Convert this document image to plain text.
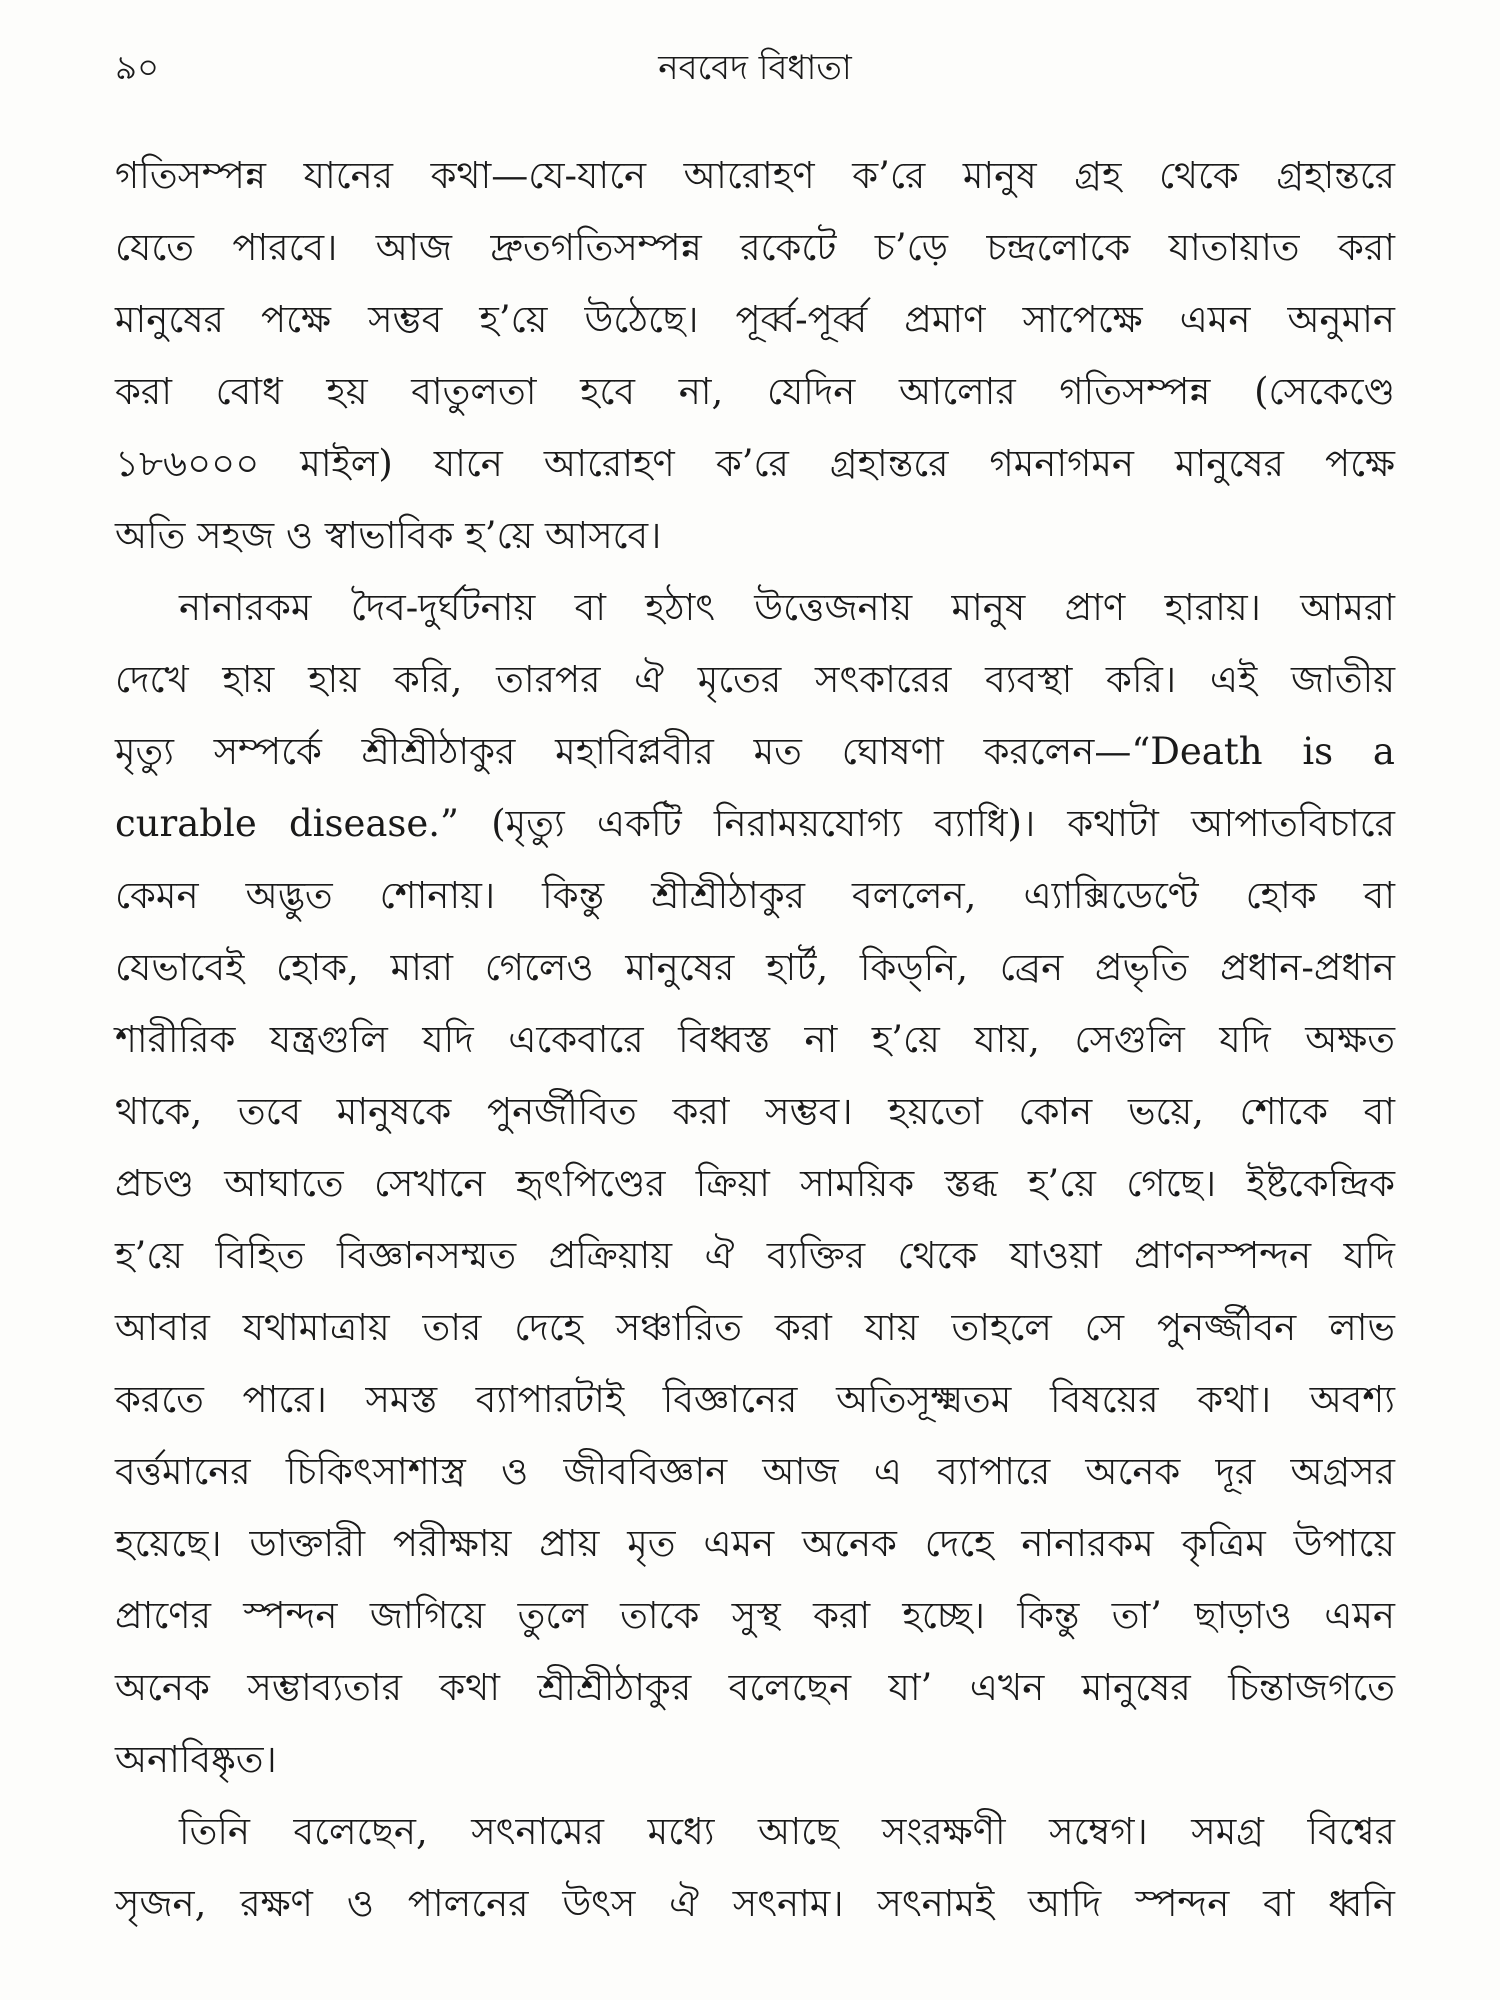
৯০	নববেদ বিধাতা
গতিসম্পন্ন যানের কথা—যে-যানে আরোহণ ক’রে মানুষ গ্রহ থেকে গ্রহান্তরে
যেতে পারবে। আজ দ্রুতগতিসম্পন্ন রকেটে চ’ড়ে চন্দ্রলোকে যাতায়াত করা
মানুষের পক্ষে সম্ভব হ’য়ে উঠেছে। পূর্ব্ব-পূর্ব্ব প্রমাণ সাপেক্ষে এমন অনুমান
করা বোধ হয় বাতুলতা হবে না, যেদিন আলোর গতিসম্পন্ন (সেকেণ্ডে
১৮৬০০০ মাইল) যানে আরোহণ ক’রে গ্রহান্তরে গমনাগমন মানুষের পক্ষে
অতি সহজ ও স্বাভাবিক হ’য়ে আসবে।
নানারকম দৈব-দুর্ঘটনায় বা হঠাৎ উত্তেজনায় মানুষ প্রাণ হারায়। আমরা
দেখে হায় হায় করি, তারপর ঐ মৃতের সৎকারের ব্যবস্থা করি। এই জাতীয়
মৃত্যু সম্পর্কে শ্রীশ্রীঠাকুর মহাবিপ্লবীর মত ঘোষণা করলেন—“Death is a
curable disease.” (মৃত্যু একটি নিরাময়যোগ্য ব্যাধি)। কথাটা আপাতবিচারে
কেমন অদ্ভুত শোনায়। কিন্তু শ্রীশ্রীঠাকুর বললেন, এ্যাক্সিডেণ্টে হোক বা
যেভাবেই হোক, মারা গেলেও মানুষের হার্ট, কিড্‌নি, ব্রেন প্রভৃতি প্রধান-প্রধান
শারীরিক যন্ত্রগুলি যদি একেবারে বিধ্বস্ত না হ’য়ে যায়, সেগুলি যদি অক্ষত
থাকে, তবে মানুষকে পুনর্জীবিত করা সম্ভব। হয়তো কোন ভয়ে, শোকে বা
প্রচণ্ড আঘাতে সেখানে হৃৎপিণ্ডের ক্রিয়া সাময়িক স্তব্ধ হ’য়ে গেছে। ইষ্টকেন্দ্রিক
হ’য়ে বিহিত বিজ্ঞানসম্মত প্রক্রিয়ায় ঐ ব্যক্তির থেকে যাওয়া প্রাণনস্পন্দন যদি
আবার যথামাত্রায় তার দেহে সঞ্চারিত করা যায় তাহলে সে পুনর্জ্জীবন লাভ
করতে পারে। সমস্ত ব্যাপারটাই বিজ্ঞানের অতিসূক্ষ্মতম বিষয়ের কথা। অবশ্য
বর্ত্তমানের চিকিৎসাশাস্ত্র ও জীববিজ্ঞান আজ এ ব্যাপারে অনেক দূর অগ্রসর
হয়েছে। ডাক্তারী পরীক্ষায় প্রায় মৃত এমন অনেক দেহে নানারকম কৃত্রিম উপায়ে
প্রাণের স্পন্দন জাগিয়ে তুলে তাকে সুস্থ করা হচ্ছে। কিন্তু তা’ ছাড়াও এমন
অনেক সম্ভাব্যতার কথা শ্রীশ্রীঠাকুর বলেছেন যা’ এখন মানুষের চিন্তাজগতে
অনাবিষ্কৃত।
তিনি বলেছেন, সৎনামের মধ্যে আছে সংরক্ষণী সম্বেগ। সমগ্র বিশ্বের
সৃজন, রক্ষণ ও পালনের উৎস ঐ সৎনাম। সৎনামই আদি স্পন্দন বা ধ্বনি
